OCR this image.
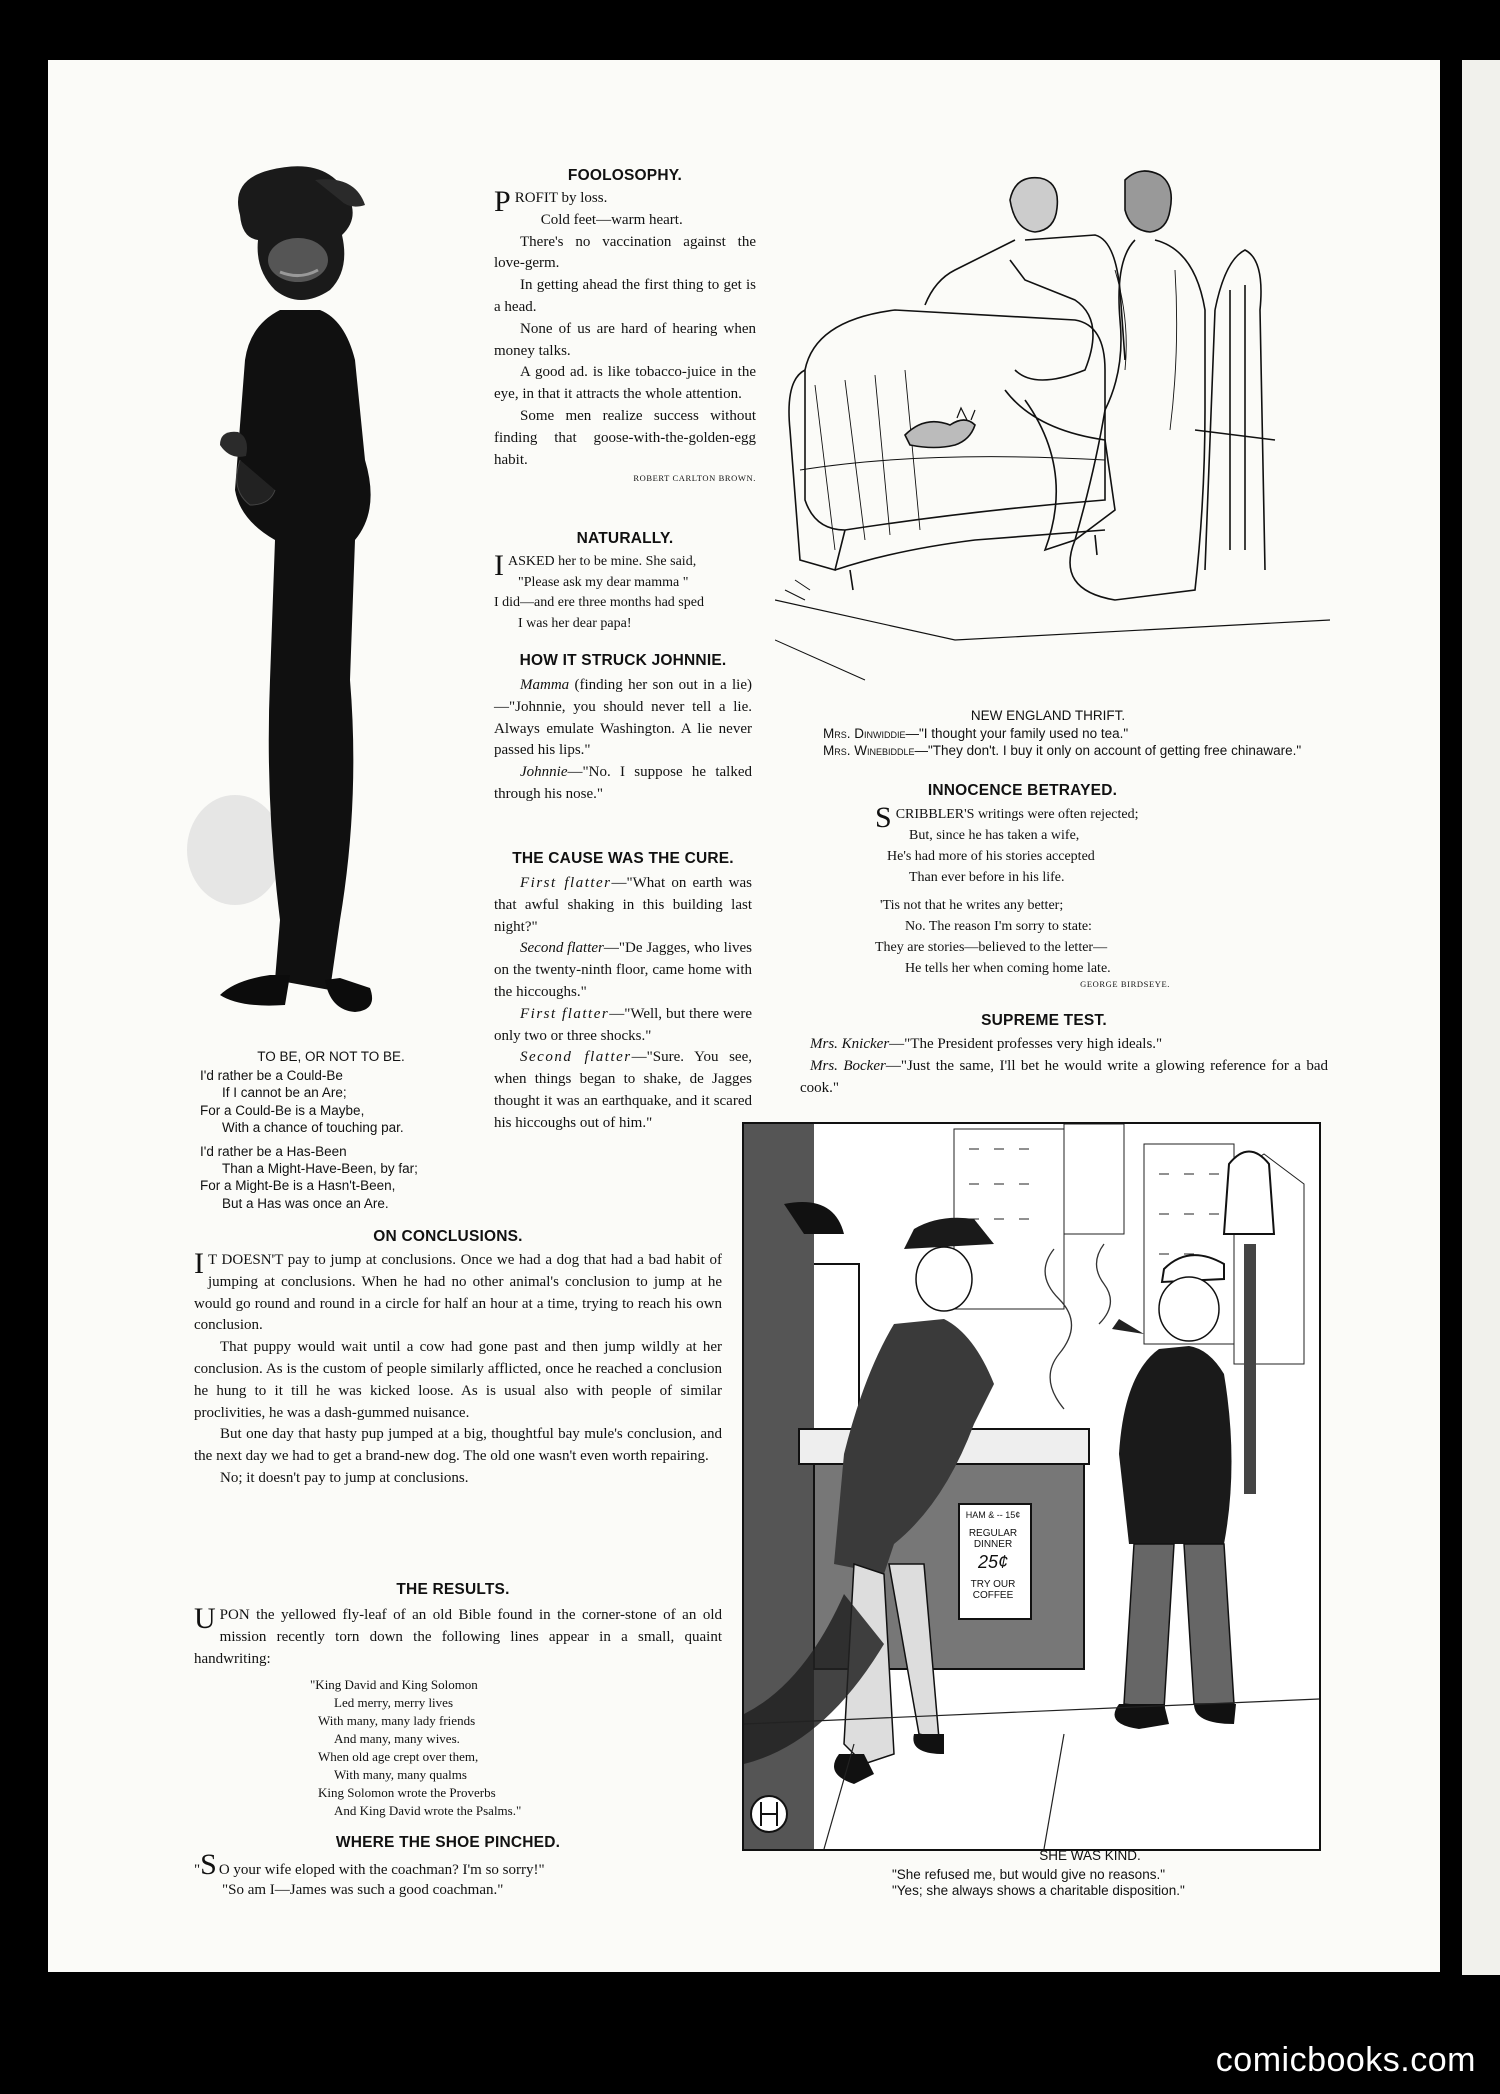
TO BE, OR NOT TO BE.
I'd rather be a Could-Be
If I cannot be an Are;
For a Could-Be is a Maybe,
With a chance of touching par.
I'd rather be a Has-Been
Than a Might-Have-Been, by far;
For a Might-Be is a Hasn't-Been,
But a Has was once an Are.
FOOLOSOPHY.

PROFIT by loss.

Cold feet—warm heart.

There's no vaccination against the love-germ.

In getting ahead the first thing to get is a head.

None of us are hard of hearing when money talks.

A good ad. is like tobacco-juice in the eye, in that it attracts the whole attention.

Some men realize success without finding that goose-with-the-golden-egg habit.

ROBERT CARLTON BROWN.
NATURALLY.
IASKED her to be mine. She said,
"Please ask my dear mamma "
I did—and ere three months had sped
I was her dear papa!
HOW IT STRUCK JOHNNIE.

Mamma (finding her son out in a lie)—"Johnnie, you should never tell a lie. Always emulate Washington. A lie never passed his lips."

Johnnie—"No. I suppose he talked through his nose."

THE CAUSE WAS THE CURE.

First flatter—"What on earth was that awful shaking in this building last night?"

Second flatter—"De Jagges, who lives on the twenty-ninth floor, came home with the hiccoughs."

First flatter—"Well, but there were only two or three shocks."

Second flatter—"Sure. You see, when things began to shake, de Jagges thought it was an earthquake, and it scared his hiccoughs out of him."

NEW ENGLAND THRIFT.
Mrs. Dinwiddie—"I thought your family used no tea."
Mrs. Winebiddle—"They don't. I buy it only on account of getting free chinaware."
INNOCENCE BETRAYED.
SCRIBBLER'S writings were often rejected;
But, since he has taken a wife,
He's had more of his stories accepted
Than ever before in his life.
'Tis not that he writes any better;
No. The reason I'm sorry to state:
They are stories—believed to the letter—
He tells her when coming home late.
GEORGE BIRDSEYE.
SUPREME TEST.

Mrs. Knicker—"The President professes very high ideals."

Mrs. Bocker—"Just the same, I'll bet he would write a glowing reference for a bad cook."

HAM & -- 15¢
REGULAR
DINNER
25¢
TRY OUR
COFFEE
SHE WAS KIND.
"She refused me, but would give no reasons."
"Yes; she always shows a charitable disposition."
ON CONCLUSIONS.

I T DOESN'T pay to jump at conclusions. Once we had a dog that had a bad habit of jumping at conclusions. When he had no other animal's conclusion to jump at he would go round and round in a circle for half an hour at a time, trying to reach his own conclusion.

That puppy would wait until a cow had gone past and then jump wildly at her conclusion. As is the custom of people similarly afflicted, once he reached a conclusion he hung to it till he was kicked loose. As is usual also with people of similar proclivities, he was a dash-gummed nuisance.

But one day that hasty pup jumped at a big, thoughtful bay mule's conclusion, and the next day we had to get a brand-new dog. The old one wasn't even worth repairing.

No; it doesn't pay to jump at conclusions.

THE RESULTS.

UPON the yellowed fly-leaf of an old Bible found in the corner-stone of an old mission recently torn down the following lines appear in a small, quaint handwriting:

"King David and King Solomon
Led merry, merry lives
With many, many lady friends
And many, many wives.
When old age crept over them,
With many, many qualms
King Solomon wrote the Proverbs
And King David wrote the Psalms."
WHERE THE SHOE PINCHED.
"S O your wife eloped with the coachman? I'm so sorry!"
"So am I—James was such a good coachman."
comicbooks.com
